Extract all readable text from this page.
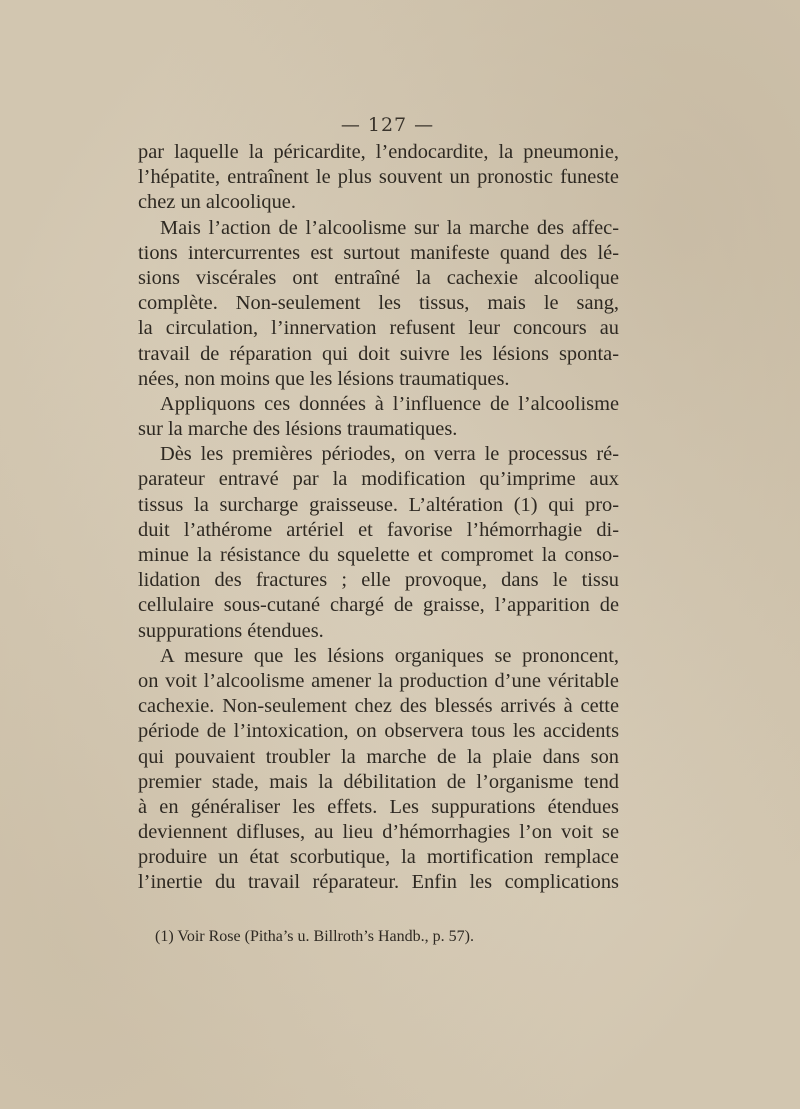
— 127 —
par laquelle la péricardite, l’endocardite, la pneumonie,
l’hépatite, entraînent le plus souvent un pronostic funeste
chez un alcoolique.
Mais l’action de l’alcoolisme sur la marche des affec-
tions intercurrentes est surtout manifeste quand des lé-
sions viscérales ont entraîné la cachexie alcoolique
complète. Non-seulement les tissus, mais le sang,
la circulation, l’innervation refusent leur concours au
travail de réparation qui doit suivre les lésions sponta-
nées, non moins que les lésions traumatiques.
Appliquons ces données à l’influence de l’alcoolisme
sur la marche des lésions traumatiques.
Dès les premières périodes, on verra le processus ré-
parateur entravé par la modification qu’imprime aux
tissus la surcharge graisseuse. L’altération (1) qui pro-
duit l’athérome artériel et favorise l’hémorrhagie di-
minue la résistance du squelette et compromet la conso-
lidation des fractures ; elle provoque, dans le tissu
cellulaire sous-cutané chargé de graisse, l’apparition de
suppurations étendues.
A mesure que les lésions organiques se prononcent,
on voit l’alcoolisme amener la production d’une véritable
cachexie. Non-seulement chez des blessés arrivés à cette
période de l’intoxication, on observera tous les accidents
qui pouvaient troubler la marche de la plaie dans son
premier stade, mais la débilitation de l’organisme tend
à en généraliser les effets. Les suppurations étendues
deviennent difluses, au lieu d’hémorrhagies l’on voit se
produire un état scorbutique, la mortification remplace
l’inertie du travail réparateur. Enfin les complications
(1) Voir Rose (Pitha’s u. Billroth’s Handb., p. 57).
